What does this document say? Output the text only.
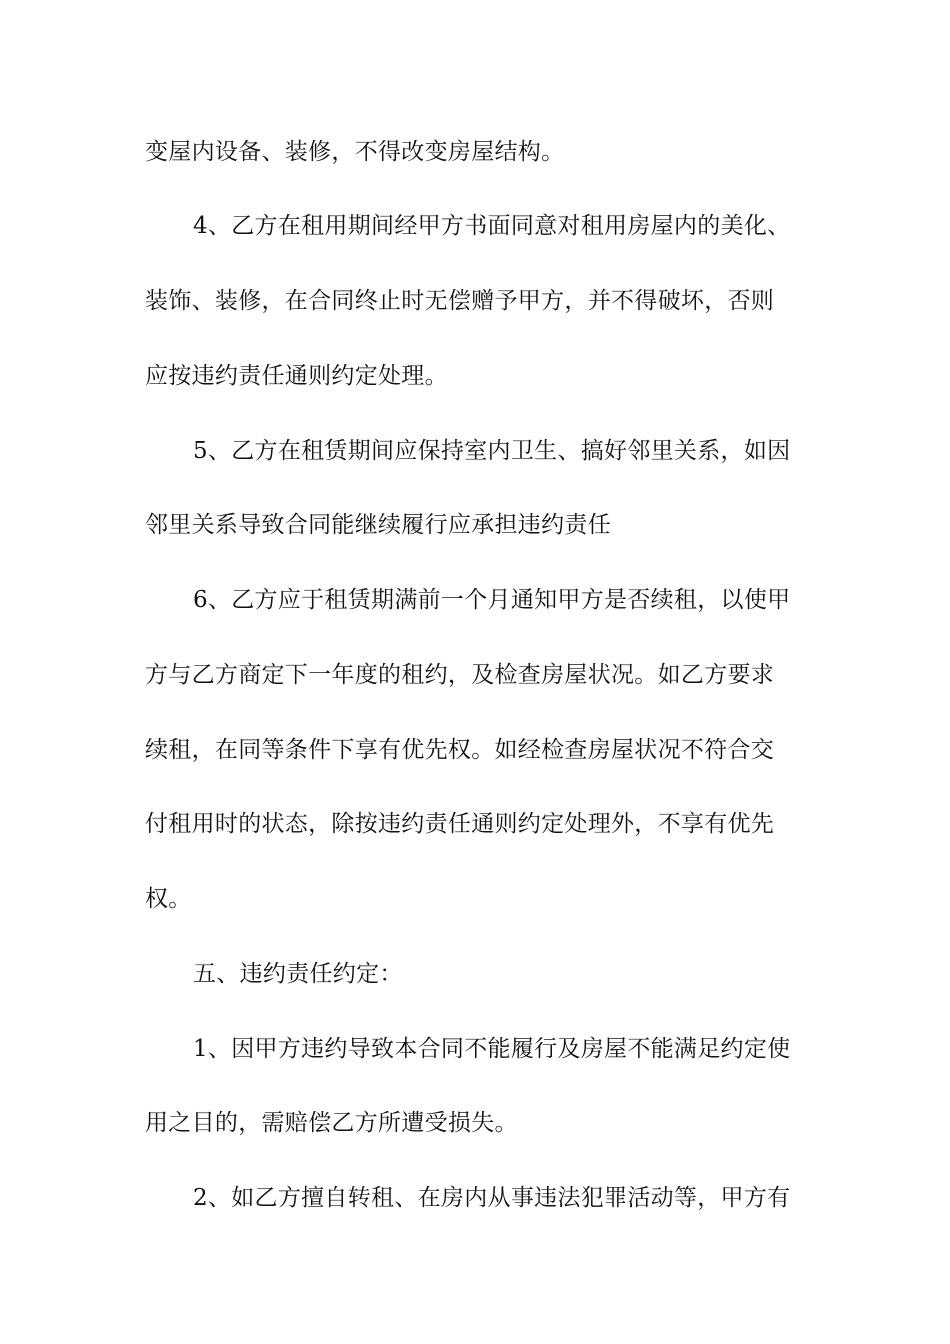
变屋内设备、装修，不得改变房屋结构。
4、乙方在租用期间经甲方书面同意对租用房屋内的美化、
装饰、装修，在合同终止时无偿赠予甲方，并不得破坏，否则
应按违约责任通则约定处理。
5、乙方在租赁期间应保持室内卫生、搞好邻里关系，如因
邻里关系导致合同能继续履行应承担违约责任
6、乙方应于租赁期满前一个月通知甲方是否续租，以使甲
方与乙方商定下一年度的租约，及检查房屋状况。如乙方要求
续租，在同等条件下享有优先权。如经检查房屋状况不符合交
付租用时的状态，除按违约责任通则约定处理外，不享有优先
权。
五、违约责任约定：
1、因甲方违约导致本合同不能履行及房屋不能满足约定使
用之目的，需赔偿乙方所遭受损失。
2、如乙方擅自转租、在房内从事违法犯罪活动等，甲方有
